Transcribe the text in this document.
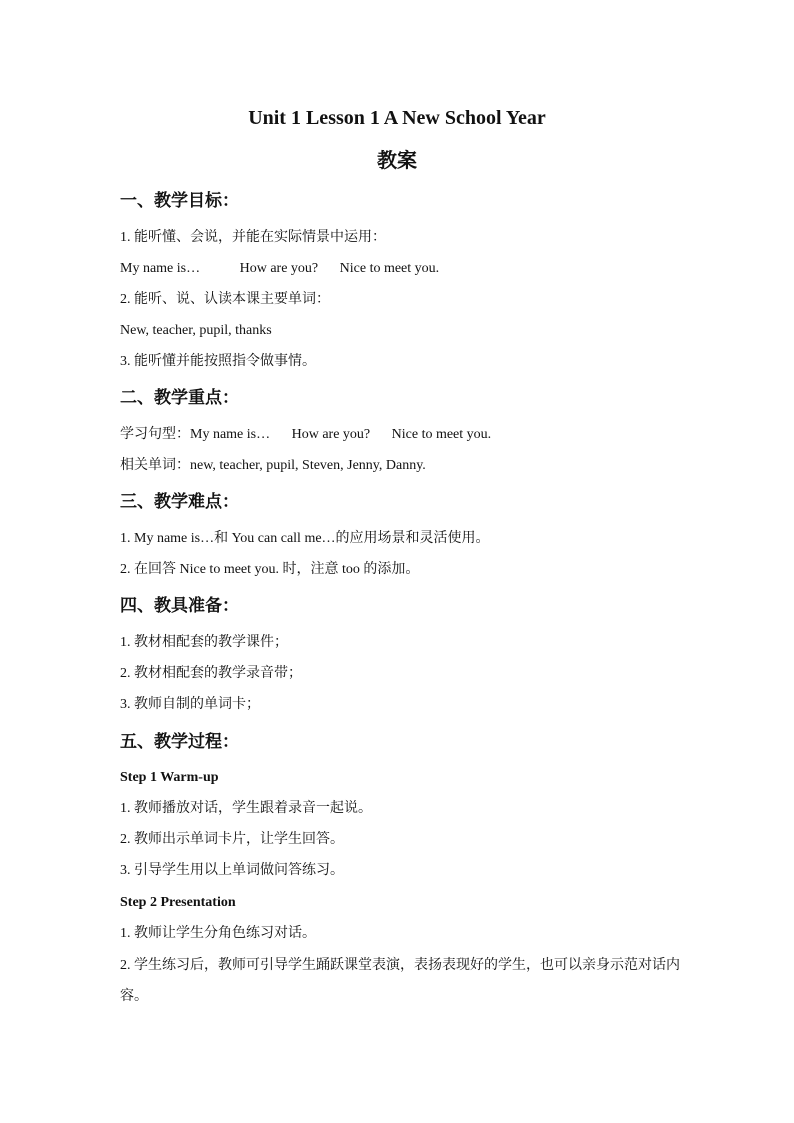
Unit 1 Lesson 1 A New School Year
教案
一、教学目标：
1. 能听懂、会说，并能在实际情景中运用：
My name is…	How are you? Nice to meet you.
2. 能听、说、认读本课主要单词：
New, teacher, pupil, thanks
3. 能听懂并能按照指令做事情。
二、教学重点：
学习句型：My name is… How are you? Nice to meet you.
相关单词：new, teacher, pupil, Steven, Jenny, Danny.
三、教学难点：
1. My name is…和 You can call me…的应用场景和灵活使用。
2. 在回答 Nice to meet you. 时，注意 too 的添加。
四、教具准备：
1. 教材相配套的教学课件；
2. 教材相配套的教学录音带；
3. 教师自制的单词卡；
五、教学过程：
Step 1 Warm-up
1. 教师播放对话，学生跟着录音一起说。
2. 教师出示单词卡片，让学生回答。
3. 引导学生用以上单词做问答练习。
Step 2 Presentation
1. 教师让学生分角色练习对话。
2. 学生练习后，教师可引导学生踊跃课堂表演，表扬表现好的学生，也可以亲身示范对话内容。
